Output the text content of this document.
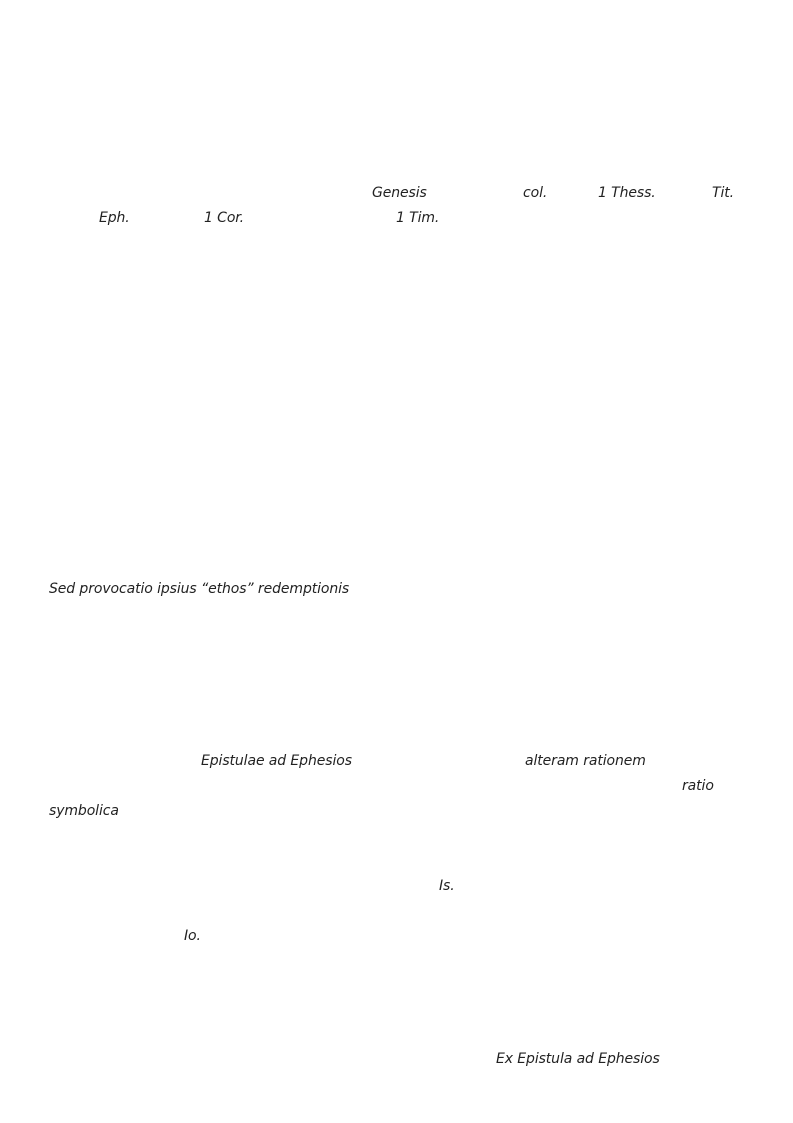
Genesis	col.	1 Thess.	Tit.
Eph.	1 Cor.	1 Tim.
Sed provocatio ipsius “ethos” redemptionis
Epistulae ad Ephesios	alteram rationem
ratio
symbolica
Is.
Io.
Ex Epistula ad Ephesios
